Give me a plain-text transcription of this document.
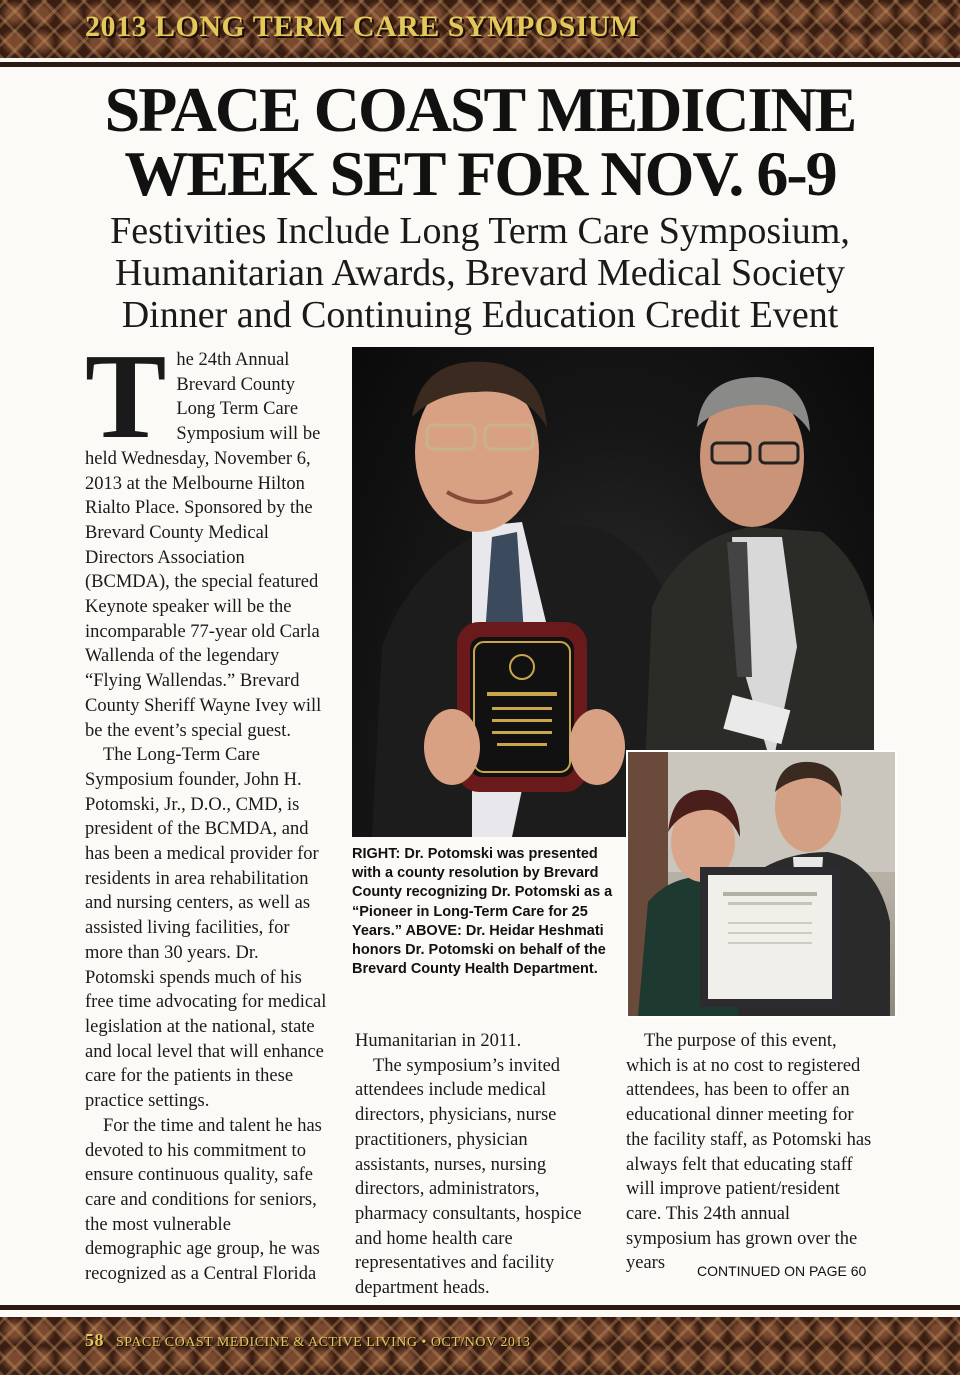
2013 LONG TERM CARE SYMPOSIUM
SPACE COAST MEDICINE
WEEK SET FOR NOV. 6-9
Festivities Include Long Term Care Symposium,
Humanitarian Awards, Brevard Medical Society
Dinner and Continuing Education Credit Event

The 24th Annual Brevard County Long Term Care Symposium will be held Wednesday, November 6, 2013 at the Melbourne Hilton Rialto Place. Sponsored by the Brevard County Medical Directors Association (BCMDA), the special featured Keynote speaker will be the incomparable 77-year old Carla Wallenda of the legendary “Flying Wallendas.” Brevard County Sheriff Wayne Ivey will be the event’s special guest.

The Long-Term Care Symposium founder, John H. Potomski, Jr., D.O., CMD, is president of the BCMDA, and has been a medical provider for residents in area rehabilitation and nursing centers, as well as assisted living facilities, for more than 30 years. Dr. Potomski spends much of his free time advocating for medical legislation at the national, state and local level that will enhance care for the patients in these practice settings.

For the time and talent he has devoted to his commitment to ensure continuous quality, safe care and conditions for seniors, the most vulnerable demographic age group, he was recognized as a Central Florida

RIGHT: Dr. Potomski was presented with a county resolution by Brevard County recognizing Dr. Potomski as a “Pioneer in Long-Term Care for 25 Years.” ABOVE: Dr. Heidar Heshmati honors Dr. Potomski on behalf of the Brevard County Health Department.

Humanitarian in 2011.

The symposium’s invited attendees include medical directors, physicians, nurse practitioners, physician assistants, nurses, nursing directors, administrators, pharmacy consultants, hospice and home health care representatives and facility department heads.

The purpose of this event, which is at no cost to registered attendees, has been to offer an educational dinner meeting for the facility staff, as Potomski has always felt that educating staff will improve patient/resident care. This 24th annual symposium has grown over the years	CONTINUED ON PAGE 60
58 SPACE COAST MEDICINE & ACTIVE LIVING • OCT/NOV 2013
